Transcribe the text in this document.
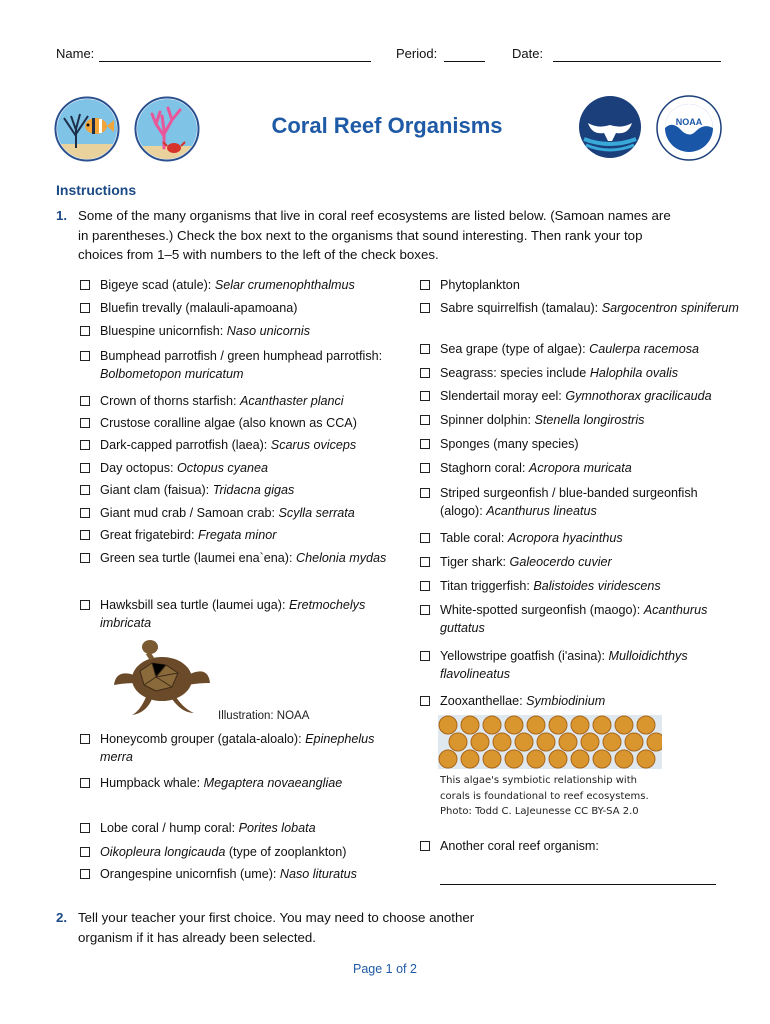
Name:	Period:	Date:
Coral Reef Organisms	NOAA
Instructions
1. Some of the many organisms that live in coral reef ecosystems are listed below. (Samoan names are in parentheses.) Check the box next to the organisms that sound interesting. Then rank your top choices from 1–5 with numbers to the left of the check boxes.
Bigeye scad (atule): Selar crumenophthalmus
Bluefin trevally (malauli-apamoana)
Bluespine unicornfish: Naso unicornis
Bumphead parrotfish / green humphead parrotfish: Bolbometopon muricatum
Crown of thorns starfish: Acanthaster planci
Crustose coralline algae (also known as CCA)
Dark-capped parrotfish (laea): Scarus oviceps
Day octopus: Octopus cyanea
Giant clam (faisua): Tridacna gigas
Giant mud crab / Samoan crab: Scylla serrata
Great frigatebird: Fregata minor
Green sea turtle (laumei ena`ena): Chelonia mydas
Hawksbill sea turtle (laumei uga): Eretmochelys imbricata
Honeycomb grouper (gatala-aloalo): Epinephelus merra
Humpback whale: Megaptera novaeangliae
Lobe coral / hump coral: Porites lobata
Oikopleura longicauda (type of zooplankton)
Orangespine unicornfish (ume): Naso lituratus
Phytoplankton
Sabre squirrelfish (tamalau): Sargocentron spiniferum
Sea grape (type of algae): Caulerpa racemosa
Seagrass: species include Halophila ovalis
Slendertail moray eel: Gymnothorax gracilicauda
Spinner dolphin: Stenella longirostris
Sponges (many species)
Staghorn coral: Acropora muricata
Striped surgeonfish / blue-banded surgeonfish (alogo): Acanthurus lineatus
Table coral: Acropora hyacinthus
Tiger shark: Galeocerdo cuvier
Titan triggerfish: Balistoides viridescens
White-spotted surgeonfish (maogo): Acanthurus guttatus
Yellowstripe goatfish (i'asina): Mulloidichthys flavolineatus
Zooxanthellae: Symbiodinium
Another coral reef organism:
Illustration: NOAA
This algae's symbiotic relationship with
corals is foundational to reef ecosystems.
Photo: Todd C. LaJeunesse CC BY-SA 2.0
2. Tell your teacher your first choice. You may need to choose another organism if it has already been selected.
Page 1 of 2
